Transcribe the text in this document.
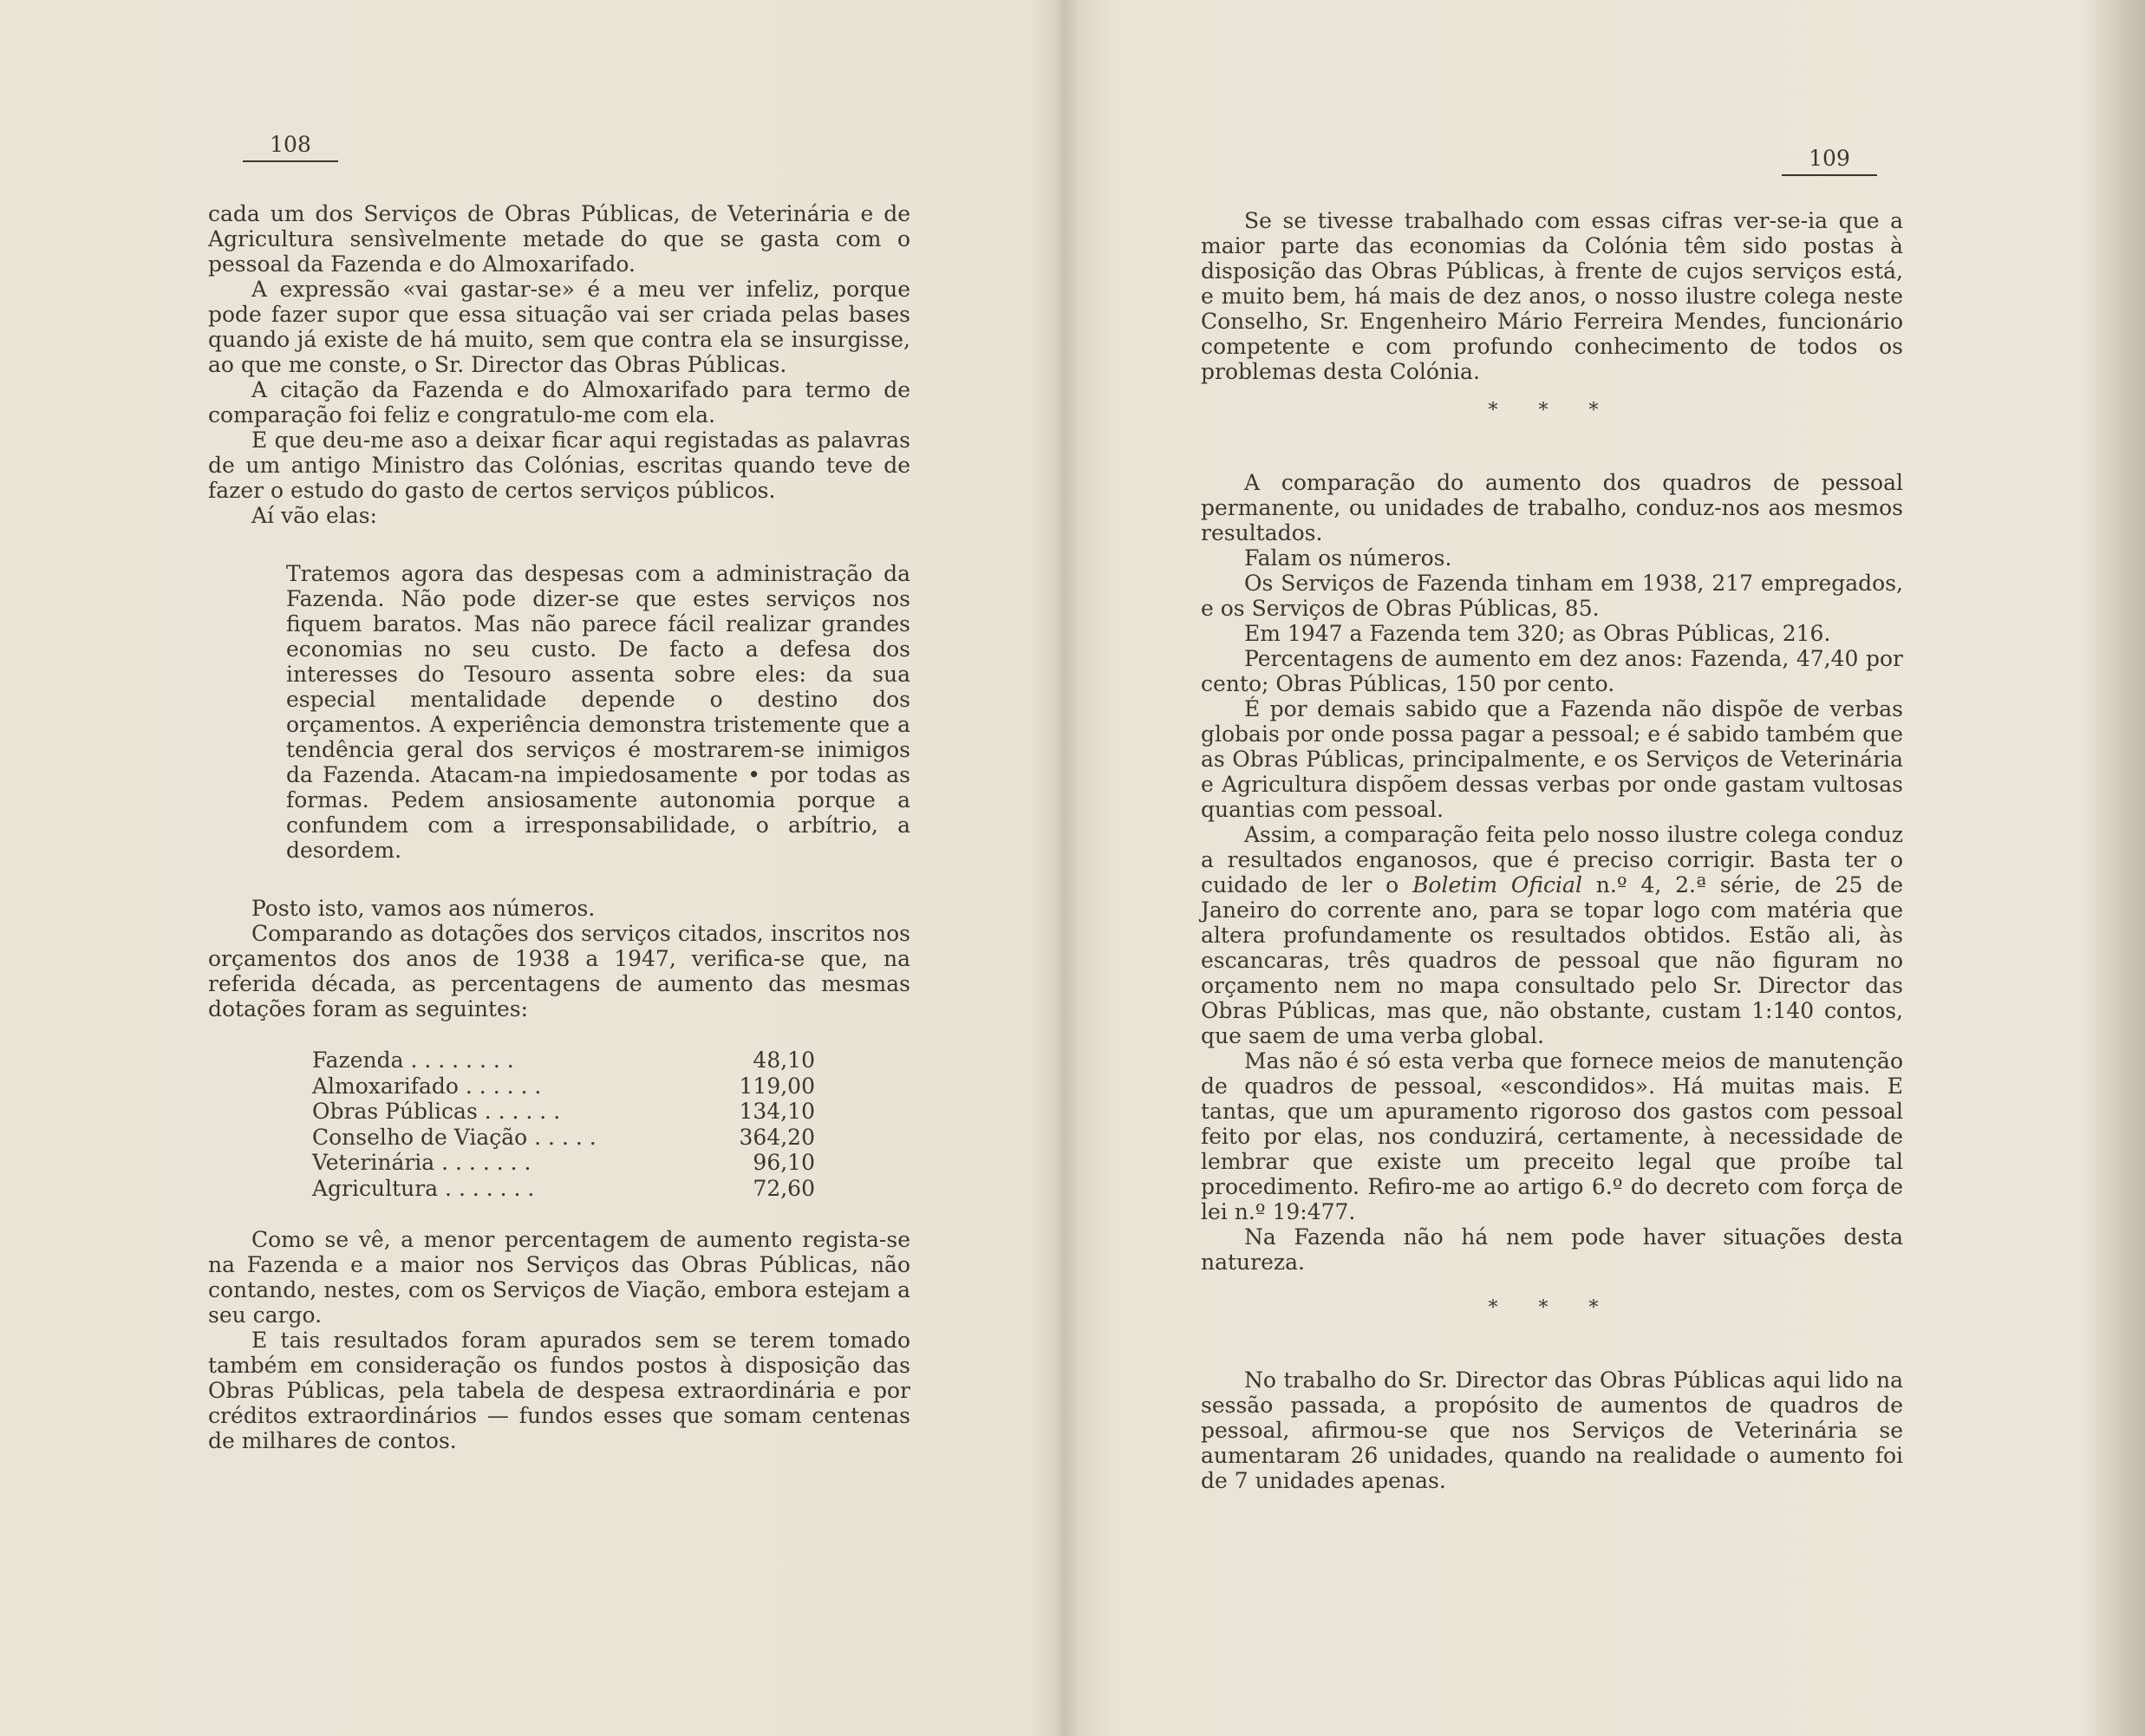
108

cada um dos Serviços de Obras Públicas, de Veterinária e de Agricultura sensìvelmente metade do que se gasta com o pessoal da Fazenda e do Almoxarifado.

A expressão «vai gastar-se» é a meu ver infeliz, porque pode fazer supor que essa situação vai ser criada pelas bases quando já existe de há muito, sem que contra ela se insurgisse, ao que me conste, o Sr. Director das Obras Públicas.

A citação da Fazenda e do Almoxarifado para termo de comparação foi feliz e congratulo-me com ela.

E que deu-me aso a deixar ficar aqui registadas as palavras de um antigo Ministro das Colónias, escritas quando teve de fazer o estudo do gasto de certos serviços públicos.

Aí vão elas:

Tratemos agora das despesas com a administração da Fazenda. Não pode dizer-se que estes serviços nos fiquem baratos. Mas não parece fácil realizar grandes economias no seu custo. De facto a defesa dos interesses do Tesouro assenta sobre eles: da sua especial mentalidade depende o destino dos orçamentos. A experiência demonstra tristemente que a tendência geral dos serviços é mostrarem-se inimigos da Fazenda. Atacam-na impiedosamente • por todas as formas. Pedem ansiosamente autonomia porque a confundem com a irresponsabilidade, o arbítrio, a desordem.

Posto isto, vamos aos números.

Comparando as dotações dos serviços citados, inscritos nos orçamentos dos anos de 1938 a 1947, verifica-se que, na referida década, as percentagens de aumento das mesmas dotações foram as seguintes:

Fazenda . . . . . . . .	48,10
Almoxarifado . . . . . .	119,00
Obras Públicas . . . . . .	134,10
Conselho de Viação . . . . .	364,20
Veterinária . . . . . . .	96,10
Agricultura . . . . . . .	72,60

Como se vê, a menor percentagem de aumento regista-se na Fazenda e a maior nos Serviços das Obras Públicas, não contando, nestes, com os Serviços de Viação, embora estejam a seu cargo.

E tais resultados foram apurados sem se terem tomado também em consideração os fundos postos à disposição das Obras Públicas, pela tabela de despesa extraordinária e por créditos extraordinários — fundos esses que somam centenas de milhares de contos.

109

Se se tivesse trabalhado com essas cifras ver-se-ia que a maior parte das economias da Colónia têm sido postas à disposição das Obras Públicas, à frente de cujos serviços está, e muito bem, há mais de dez anos, o nosso ilustre colega neste Conselho, Sr. Engenheiro Mário Ferreira Mendes, funcionário competente e com profundo conhecimento de todos os problemas desta Colónia.

* * *

A comparação do aumento dos quadros de pessoal permanente, ou unidades de trabalho, conduz-nos aos mesmos resultados.

Falam os números.

Os Serviços de Fazenda tinham em 1938, 217 empregados, e os Serviços de Obras Públicas, 85.

Em 1947 a Fazenda tem 320; as Obras Públicas, 216.

Percentagens de aumento em dez anos: Fazenda, 47,40 por cento; Obras Públicas, 150 por cento.

É por demais sabido que a Fazenda não dispõe de verbas globais por onde possa pagar a pessoal; e é sabido também que as Obras Públicas, principalmente, e os Serviços de Veterinária e Agricultura dispõem dessas verbas por onde gastam vultosas quantias com pessoal.

Assim, a comparação feita pelo nosso ilustre colega conduz a resultados enganosos, que é preciso corrigir. Basta ter o cuidado de ler o Boletim Oficial n.º 4, 2.ª série, de 25 de Janeiro do corrente ano, para se topar logo com matéria que altera profundamente os resultados obtidos. Estão ali, às escancaras, três quadros de pessoal que não figuram no orçamento nem no mapa consultado pelo Sr. Director das Obras Públicas, mas que, não obstante, custam 1:140 contos, que saem de uma verba global.

Mas não é só esta verba que fornece meios de manutenção de quadros de pessoal, «escondidos». Há muitas mais. E tantas, que um apuramento rigoroso dos gastos com pessoal feito por elas, nos conduzirá, certamente, à necessidade de lembrar que existe um preceito legal que proíbe tal procedimento. Refiro-me ao artigo 6.º do decreto com força de lei n.º 19:477.

Na Fazenda não há nem pode haver situações desta natureza.

* * *

No trabalho do Sr. Director das Obras Públicas aqui lido na sessão passada, a propósito de aumentos de quadros de pessoal, afirmou-se que nos Serviços de Veterinária se aumentaram 26 unidades, quando na realidade o aumento foi de 7 unidades apenas.
